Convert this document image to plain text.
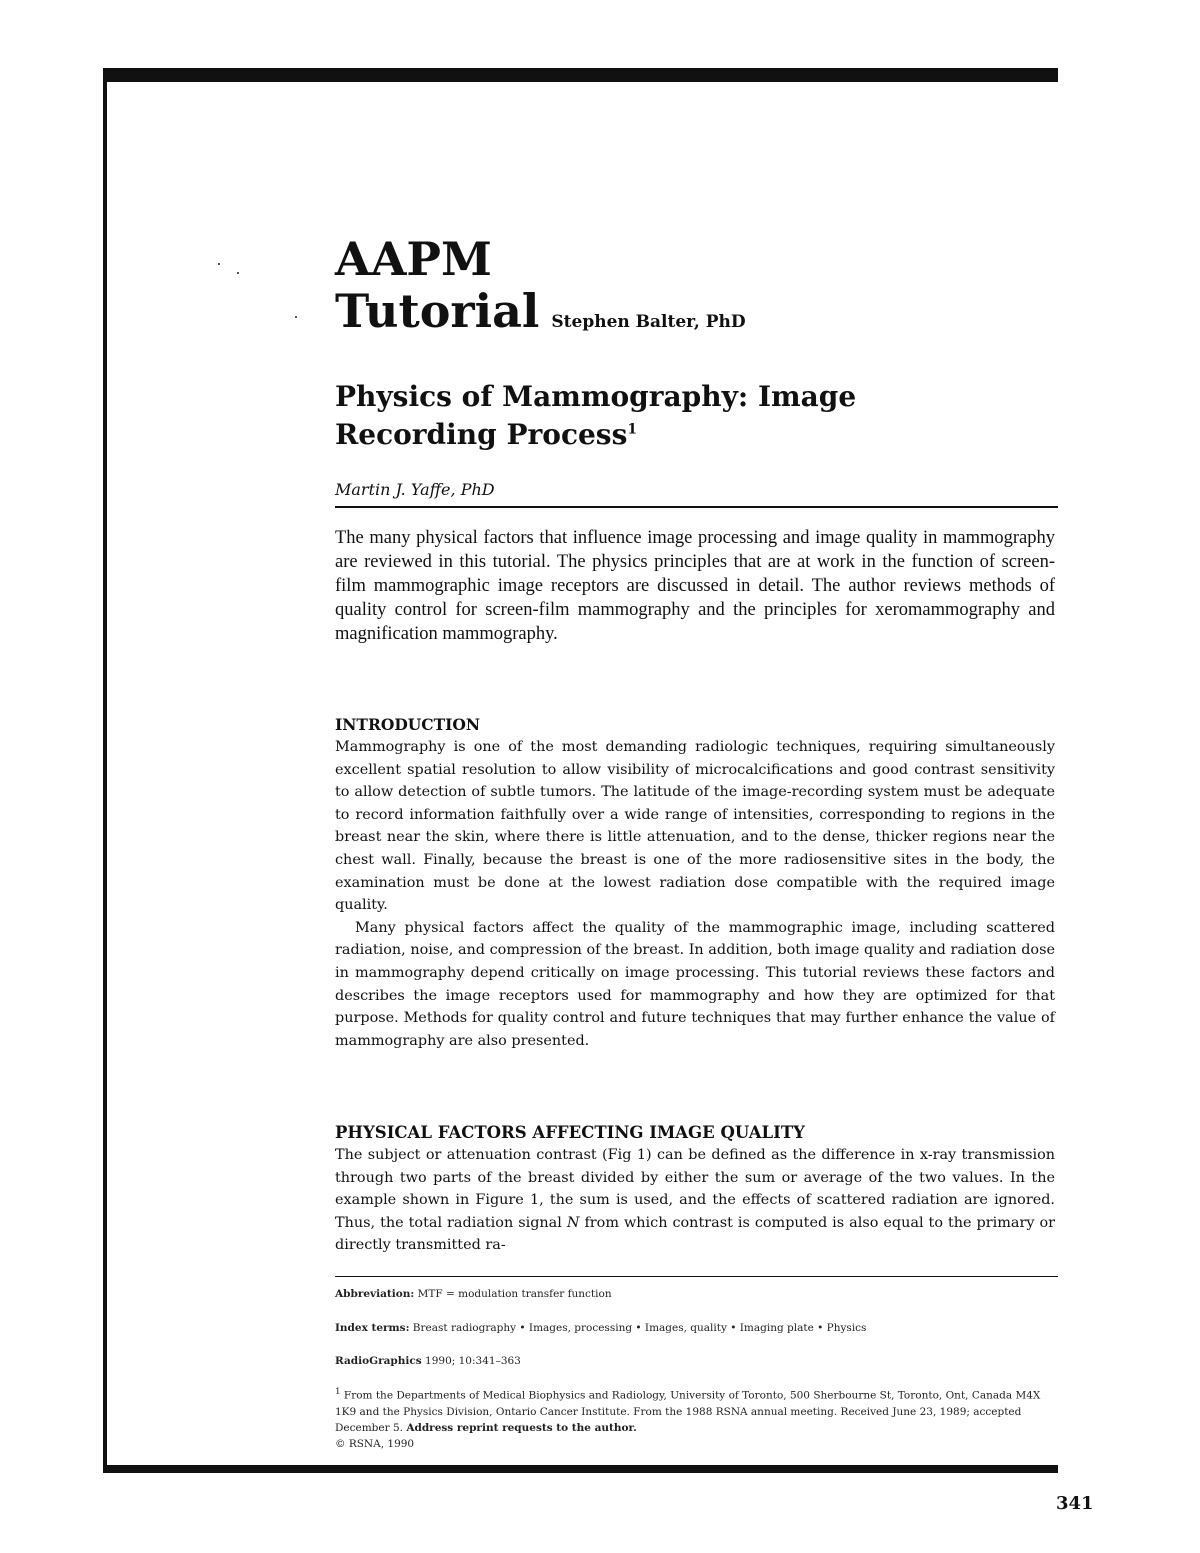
AAPM
Tutorial Stephen Balter, PhD
Physics of Mammography: Image Recording Process$^1$
Martin J. Yaffe, PhD

The many physical factors that influence image processing and image quality in mammography are reviewed in this tutorial. The physics principles that are at work in the function of screen-film mammographic image receptors are discussed in detail. The author reviews methods of quality control for screen-film mammography and the principles for xeromammography and magnification mammography.

INTRODUCTION

Mammography is one of the most demanding radiologic techniques, requiring simultaneously excellent spatial resolution to allow visibility of microcalcifications and good contrast sensitivity to allow detection of subtle tumors. The latitude of the image-recording system must be adequate to record information faithfully over a wide range of intensities, corresponding to regions in the breast near the skin, where there is little attenuation, and to the dense, thicker regions near the chest wall. Finally, because the breast is one of the more radiosensitive sites in the body, the examination must be done at the lowest radiation dose compatible with the required image quality.

Many physical factors affect the quality of the mammographic image, including scattered radiation, noise, and compression of the breast. In addition, both image quality and radiation dose in mammography depend critically on image processing. This tutorial reviews these factors and describes the image receptors used for mammography and how they are optimized for that purpose. Methods for quality control and future techniques that may further enhance the value of mammography are also presented.

PHYSICAL FACTORS AFFECTING IMAGE QUALITY

The subject or attenuation contrast (Fig 1) can be defined as the difference in x-ray transmission through two parts of the breast divided by either the sum or average of the two values. In the example shown in Figure 1, the sum is used, and the effects of scattered radiation are ignored. Thus, the total radiation signal N from which contrast is computed is also equal to the primary or directly transmitted ra-

Abbreviation: MTF = modulation transfer function
Index terms: Breast radiography • Images, processing • Images, quality • Imaging plate • Physics
RadioGraphics 1990; 10:341–363
$^1$ From the Departments of Medical Biophysics and Radiology, University of Toronto, 500 Sherbourne St, Toronto, Ont, Canada M4X 1K9 and the Physics Division, Ontario Cancer Institute. From the 1988 RSNA annual meeting. Received June 23, 1989; accepted December 5. Address reprint requests to the author.
© RSNA, 1990
341
